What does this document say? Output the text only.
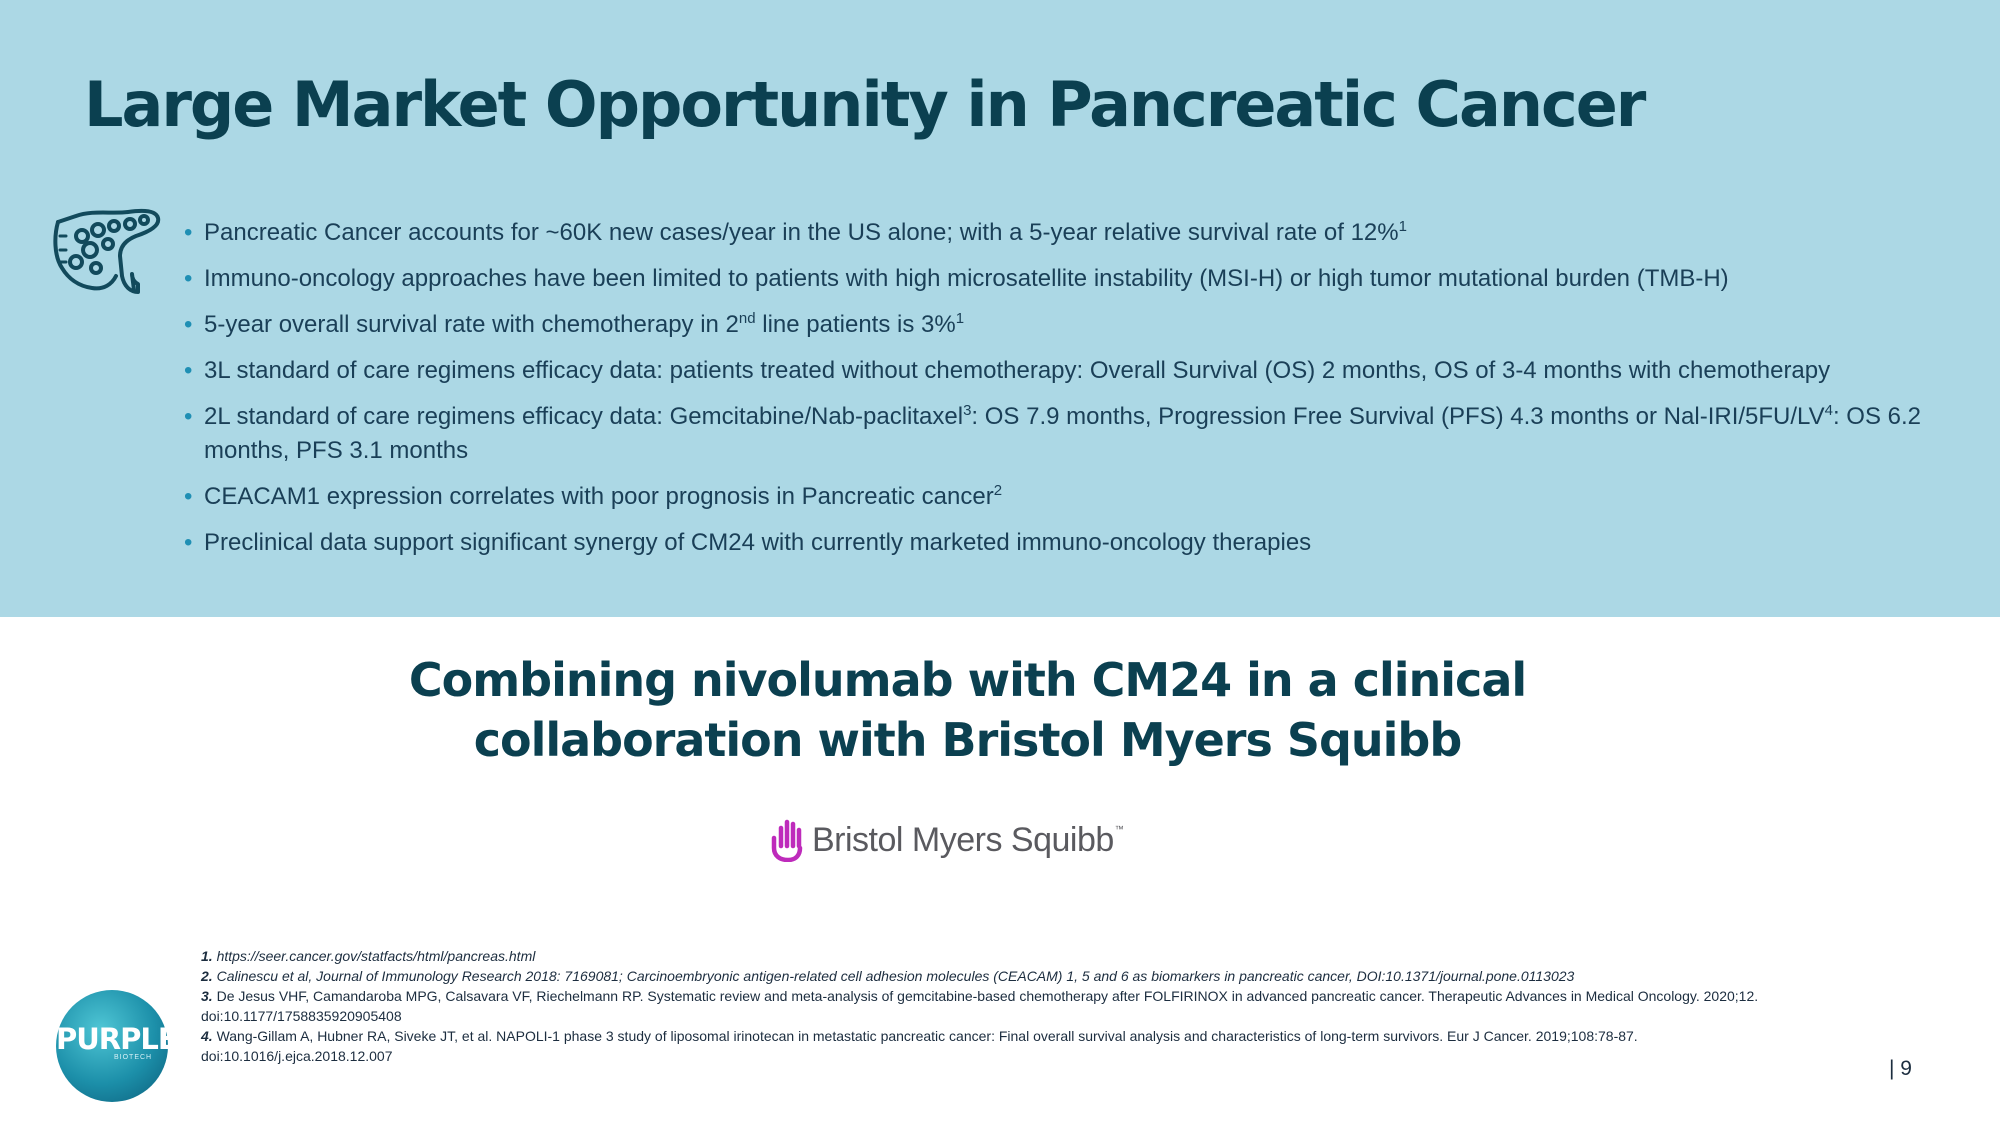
Large Market Opportunity in Pancreatic Cancer
• Pancreatic Cancer accounts for ~60K new cases/year in the US alone; with a 5-year relative survival rate of 12%$^1$
• Immuno-oncology approaches have been limited to patients with high microsatellite instability (MSI-H) or high tumor mutational burden (TMB-H)
• 5-year overall survival rate with chemotherapy in 2nd line patients is 3%$^1$
• 3L standard of care regimens efficacy data: patients treated without chemotherapy: Overall Survival (OS) 2 months, OS of 3-4 months with chemotherapy
• 2L standard of care regimens efficacy data: Gemcitabine/Nab-paclitaxel$^3$: OS 7.9 months, Progression Free Survival (PFS) 4.3 months or Nal-$IRI/5FU/LV^4$: OS 6.2 months, PFS 3.1 months
• CEACAM1 expression correlates with poor prognosis in Pancreatic cancer$^2$
• Preclinical data support significant synergy of CM24 with currently marketed immuno-oncology therapies
Combining nivolumab with CM24 in a clinical
collaboration with Bristol Myers Squibb
Bristol Myers Squibb ™
1. https://seer.cancer.gov/statfacts/html/pancreas.html
2. Calinescu et al, Journal of Immunology Research 2018: 7169081; Carcinoembryonic antigen-related cell adhesion molecules (CEACAM) 1, 5 and 6 as biomarkers in pancreatic cancer, DOI:10.1371/journal.pone.0113023
3. De Jesus VHF, Camandaroba MPG, Calsavara VF, Riechelmann RP. Systematic review and meta-analysis of gemcitabine-based chemotherapy after FOLFIRINOX in advanced pancreatic cancer. Therapeutic Advances in Medical Oncology. 2020;12.
doi:10.1177/1758835920905408
4. Wang-Gillam A, Hubner RA, Siveke JT, et al. NAPOLI-1 phase 3 study of liposomal irinotecan in metastatic pancreatic cancer: Final overall survival analysis and characteristics of long-term survivors. Eur J Cancer. 2019;108:78-87.
doi:10.1016/j.ejca.2018.12.007
PURPLE
BIOTECH	| 9
